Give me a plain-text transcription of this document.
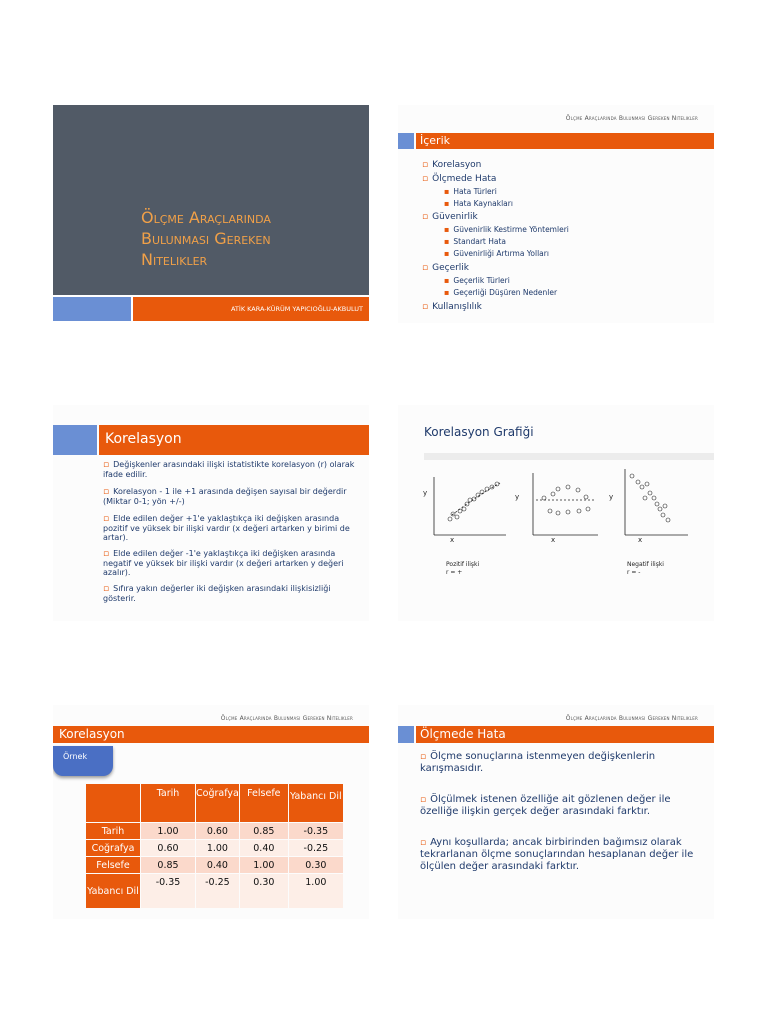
Ölçme Araçlarında
Bulunması Gereken
Nitelikler
ATİK KARA-KÜRÜM YAPICIOĞLU-AKBULUT
Ölçme Araçlarında Bulunması Gereken Nitelikler
İçerik
▫ Korelasyon
▫ Ölçmede Hata
▪ Hata Türleri
▪ Hata Kaynakları
▫ Güvenirlik
▪ Güvenirlik Kestirme Yöntemleri
▪ Standart Hata
▪ Güvenirliği Artırma Yolları
▫ Geçerlik
▪ Geçerlik Türleri
▪ Geçerliği Düşüren Nedenler
▫ Kullanışlılık
Korelasyon
▫ Değişkenler arasındaki ilişki istatistikte korelasyon (r) olarak ifade edilir.
▫ Korelasyon - 1 ile +1 arasında değişen sayısal bir değerdir (Miktar 0-1; yön +/-)
▫ Elde edilen değer +1'e yaklaştıkça iki değişken arasında pozitif ve yüksek bir ilişki vardır (x değeri artarken y birimi de artar).
▫ Elde edilen değer -1'e yaklaştıkça iki değişken arasında negatif ve yüksek bir ilişki vardır (x değeri artarken y değeri azalır).
▫ Sıfıra yakın değerler iki değişken arasındaki ilişkisizliği gösterir.
Korelasyon Grafiği
y	y	y
x	x	x
Pozitif ilişki
r = +
Negatif ilişki
r = -
Ölçme Araçlarında Bulunması Gereken Nitelikler
Korelasyon
Örnek
	Tarih	Coğrafya	Felsefe	Yabancı Dil
Tarih	1.00	0.60	0.85	-0.35
Coğrafya	0.60	1.00	0.40	-0.25
Felsefe	0.85	0.40	1.00	0.30
Yabancı Dil	-0.35	-0.25	0.30	1.00
Ölçme Araçlarında Bulunması Gereken Nitelikler
Ölçmede Hata
▫ Ölçme sonuçlarına istenmeyen değişkenlerin karışmasıdır.
▫ Ölçülmek istenen özelliğe ait gözlenen değer ile özelliğe ilişkin gerçek değer arasındaki farktır.
▫ Aynı koşullarda; ancak birbirinden bağımsız olarak tekrarlanan ölçme sonuçlarından hesaplanan değer ile ölçülen değer arasındaki farktır.
